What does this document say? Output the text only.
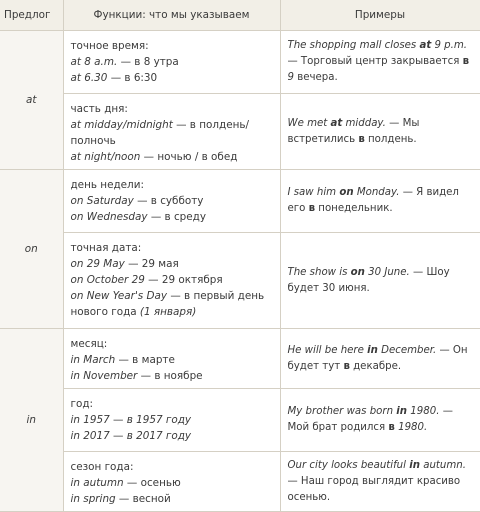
Предлог	Функции: что мы указываем	Примеры
at	точное время:
at 8 a.m. — в 8 утра
at 6.30 — в 6:30	The shopping mall closes at 9 p.m. — Торговый центр закрывается в 9 вечера.

	часть дня:
at midday/midnight — в полдень/полночь
at night/noon — ночью / в обед	We met at midday. — Мы встретились в полдень.
on	день недели:
on Saturday — в субботу
on Wednesday — в среду	I saw him on Monday. — Я видел его в понедельник.

	точная дата:
on 29 May — 29 мая
on October 29 — 29 октября
on New Year's Day — в первый день нового года (1 января)	The show is on 30 June. — Шоу будет 30 июня.
in	месяц:
in March — в марте
in November — в ноябре	He will be here in December. — Он будет тут в декабре.

	год:
in 1957 — в 1957 году
in 2017 — в 2017 году	My brother was born in 1980. — Мой брат родился в 1980.

	сезон года:
in autumn — осенью
in spring — весной	Our city looks beautiful in autumn. — Наш город выглядит красиво осенью.
